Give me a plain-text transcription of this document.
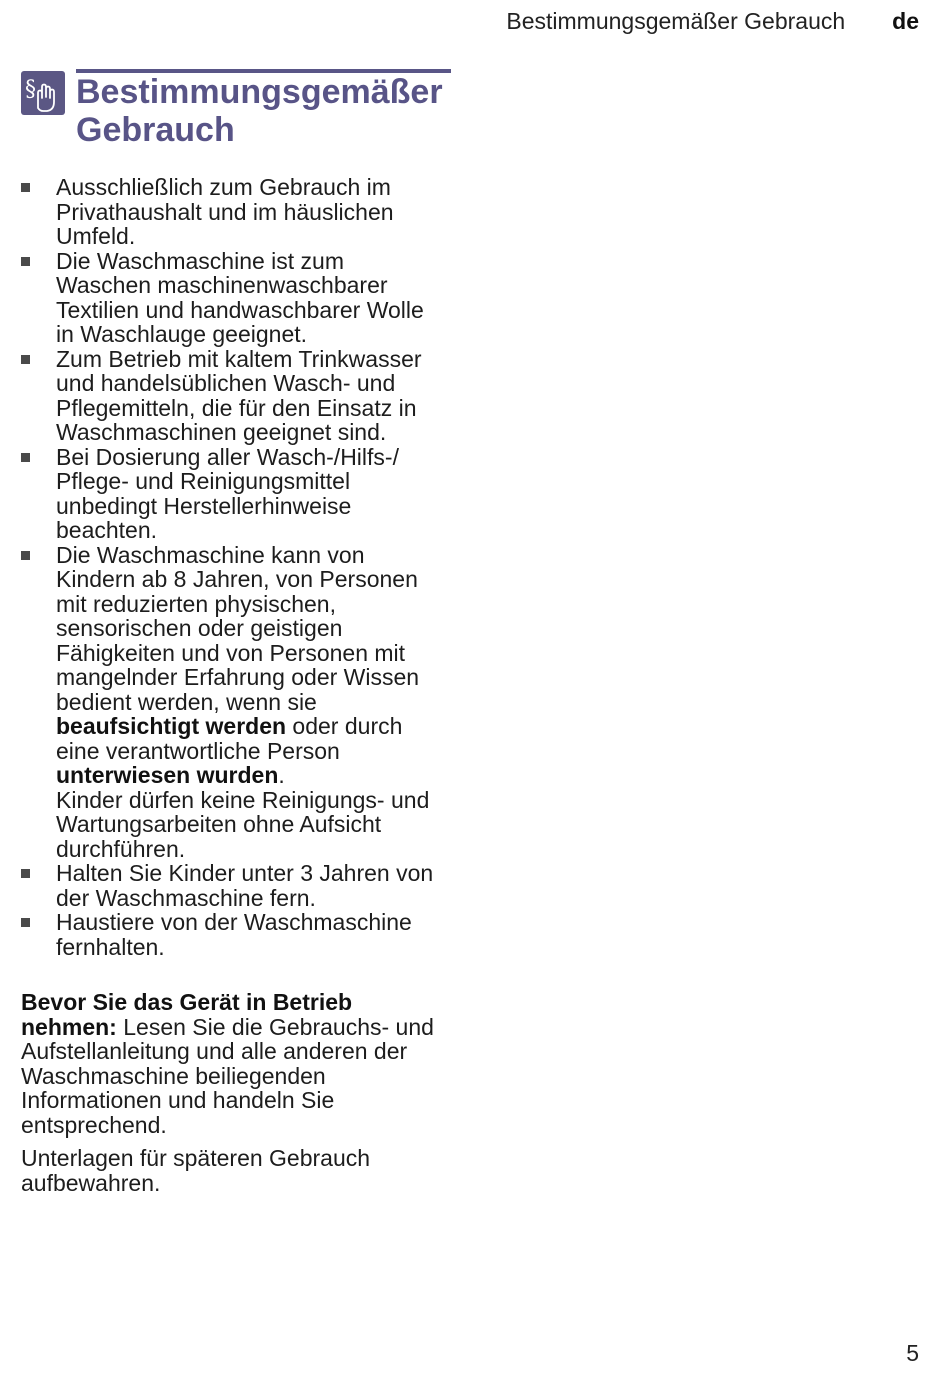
Bestimmungsgemäßer Gebrauch de
§ Bestimmungsgemäßer
Gebrauch
Ausschließlich zum Gebrauch im
Privathaushalt und im häuslichen
Umfeld.
Die Waschmaschine ist zum
Waschen maschinenwaschbarer
Textilien und handwaschbarer Wolle
in Waschlauge geeignet.
Zum Betrieb mit kaltem Trinkwasser
und handelsüblichen Wasch- und
Pflegemitteln, die für den Einsatz in
Waschmaschinen geeignet sind.
Bei Dosierung aller Wasch-/Hilfs-/
Pflege- und Reinigungsmittel
unbedingt Herstellerhinweise
beachten.
Die Waschmaschine kann von
Kindern ab 8 Jahren, von Personen
mit reduzierten physischen,
sensorischen oder geistigen
Fähigkeiten und von Personen mit
mangelnder Erfahrung oder Wissen
bedient werden, wenn sie
beaufsichtigt werden oder durch
eine verantwortliche Person
unterwiesen wurden.
Kinder dürfen keine Reinigungs- und
Wartungsarbeiten ohne Aufsicht
durchführen.
Halten Sie Kinder unter 3 Jahren von
der Waschmaschine fern.
Haustiere von der Waschmaschine
fernhalten.

Bevor Sie das Gerät in Betrieb
nehmen: Lesen Sie die Gebrauchs- und
Aufstellanleitung und alle anderen der
Waschmaschine beiliegenden
Informationen und handeln Sie
entsprechend.

Unterlagen für späteren Gebrauch
aufbewahren.

5
